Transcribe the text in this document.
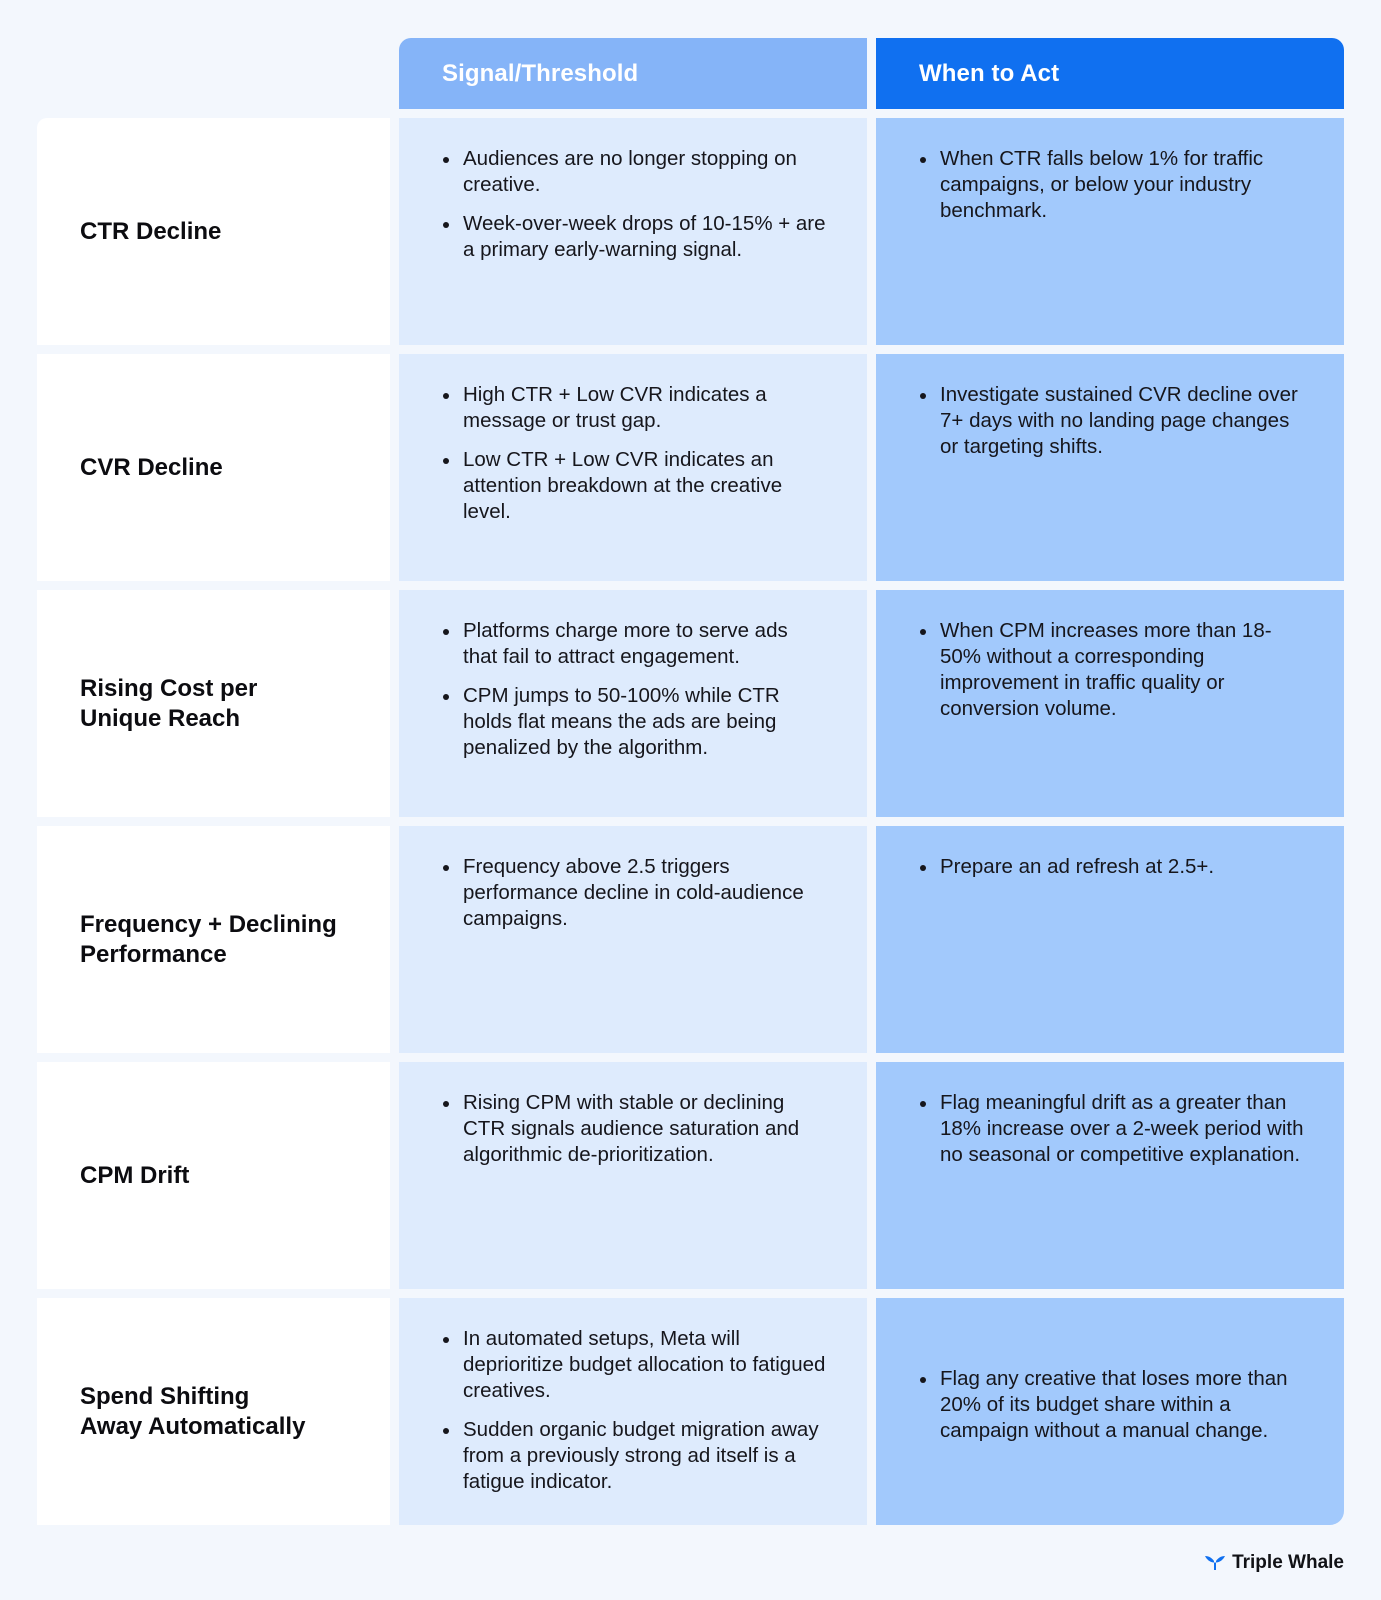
Signal/Threshold	When to Act
CTR Decline
Audiences are no longer stopping on creative.
Week-over-week drops of 10-15% + are a primary early-warning signal.
When CTR falls below 1% for traffic campaigns, or below your industry benchmark.
CVR Decline
High CTR + Low CVR indicates a message or trust gap.
Low CTR + Low CVR indicates an attention breakdown at the creative level.
Investigate sustained CVR decline over 7+ days with no landing page changes or targeting shifts.
Rising Cost per
Unique Reach
Platforms charge more to serve ads that fail to attract engagement.
CPM jumps to 50-100% while CTR holds flat means the ads are being penalized by the algorithm.
When CPM increases more than 18-50% without a corresponding improvement in traffic quality or conversion volume.
Frequency + Declining
Performance
Frequency above 2.5 triggers performance decline in cold-audience campaigns.
Prepare an ad refresh at 2.5+.
CPM Drift
Rising CPM with stable or declining CTR signals audience saturation and algorithmic de-prioritization.
Flag meaningful drift as a greater than 18% increase over a 2-week period with no seasonal or competitive explanation.
Spend Shifting
Away Automatically
In automated setups, Meta will deprioritize budget allocation to fatigued creatives.
Sudden organic budget migration away from a previously strong ad itself is a fatigue indicator.
Flag any creative that loses more than 20% of its budget share within a campaign without a manual change.
Triple Whale
